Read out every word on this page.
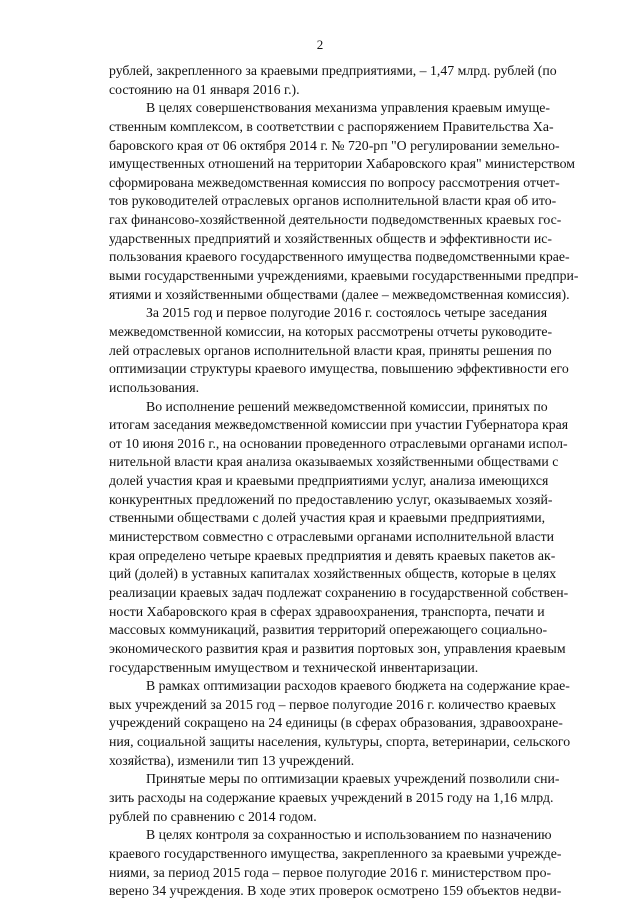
2
рублей, закрепленного за краевыми предприятиями, – 1,47 млрд. рублей (по
состоянию на 01 января 2016 г.).
В целях совершенствования механизма управления краевым имуще-
ственным комплексом, в соответствии с распоряжением Правительства Ха-
баровского края от 06 октября 2014 г. № 720-рп "О регулировании земельно-
имущественных отношений на территории Хабаровского края" министерством
сформирована межведомственная комиссия по вопросу рассмотрения отчет-
тов руководителей отраслевых органов исполнительной власти края об ито-
гах финансово-хозяйственной деятельности подведомственных краевых гос-
ударственных предприятий и хозяйственных обществ и эффективности ис-
пользования краевого государственного имущества подведомственными крае-
выми государственными учреждениями, краевыми государственными предпри-
ятиями и хозяйственными обществами (далее – межведомственная комиссия).
За 2015 год и первое полугодие 2016 г. состоялось четыре заседания
межведомственной комиссии, на которых рассмотрены отчеты руководите-
лей отраслевых органов исполнительной власти края, приняты решения по
оптимизации структуры краевого имущества, повышению эффективности его
использования.
Во исполнение решений межведомственной комиссии, принятых по
итогам заседания межведомственной комиссии при участии Губернатора края
от 10 июня 2016 г., на основании проведенного отраслевыми органами испол-
нительной власти края анализа оказываемых хозяйственными обществами с
долей участия края и краевыми предприятиями услуг, анализа имеющихся
конкурентных предложений по предоставлению услуг, оказываемых хозяй-
ственными обществами с долей участия края и краевыми предприятиями,
министерством совместно с отраслевыми органами исполнительной власти
края определено четыре краевых предприятия и девять краевых пакетов ак-
ций (долей) в уставных капиталах хозяйственных обществ, которые в целях
реализации краевых задач подлежат сохранению в государственной собствен-
ности Хабаровского края в сферах здравоохранения, транспорта, печати и
массовых коммуникаций, развития территорий опережающего социально-
экономического развития края и развития портовых зон, управления краевым
государственным имуществом и технической инвентаризации.
В рамках оптимизации расходов краевого бюджета на содержание крае-
вых учреждений за 2015 год – первое полугодие 2016 г. количество краевых
учреждений сокращено на 24 единицы (в сферах образования, здравоохране-
ния, социальной защиты населения, культуры, спорта, ветеринарии, сельского
хозяйства), изменили тип 13 учреждений.
Принятые меры по оптимизации краевых учреждений позволили сни-
зить расходы на содержание краевых учреждений в 2015 году на 1,16 млрд.
рублей по сравнению с 2014 годом.
В целях контроля за сохранностью и использованием по назначению
краевого государственного имущества, закрепленного за краевыми учрежде-
ниями, за период 2015 года – первое полугодие 2016 г. министерством про-
верено 34 учреждения. В ходе этих проверок осмотрено 159 объектов недви-
